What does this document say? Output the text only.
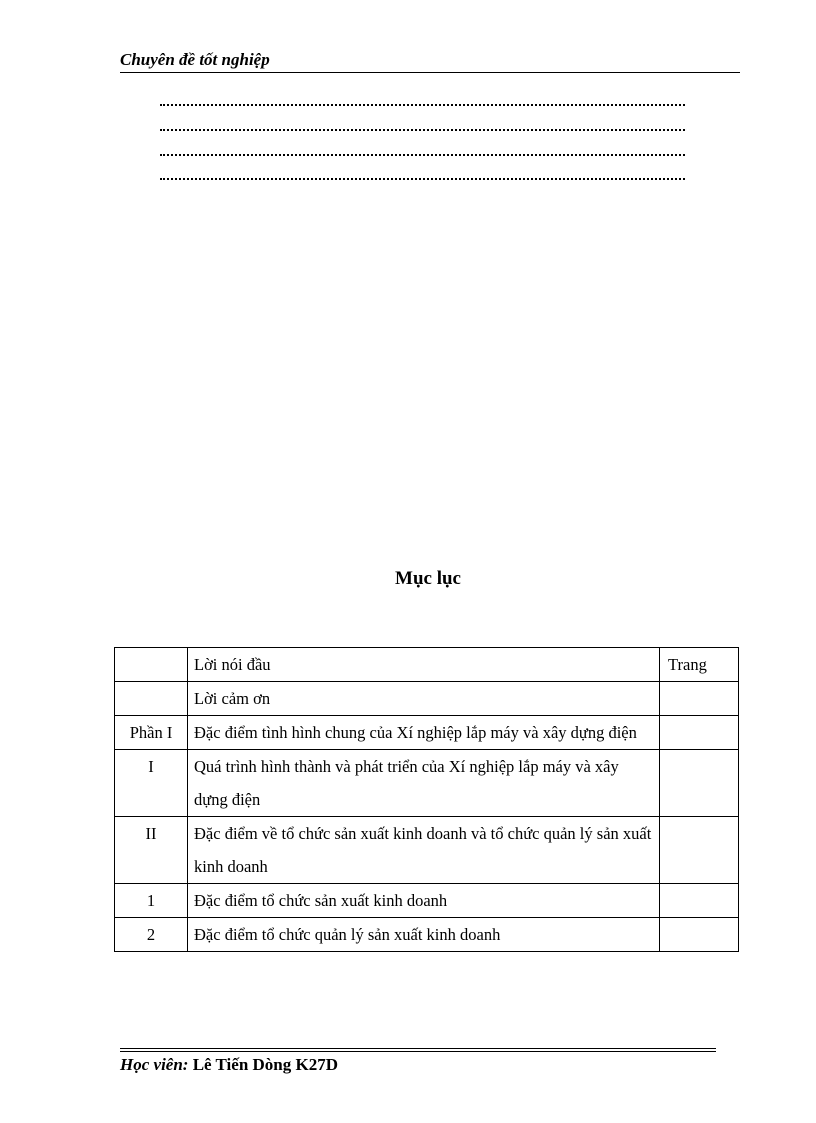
Chuyên đề tốt nghiệp
Mục lục
	Lời nói đầu	Trang
	Lời cảm ơn	
Phần I	Đặc điểm tình hình chung của Xí nghiệp lắp máy và xây dựng điện	
I	Quá trình hình thành và phát triển của Xí nghiệp lắp máy và xây dựng điện	
II	Đặc điểm về tổ chức sản xuất kinh doanh và tổ chức quản lý sản xuất kinh doanh	
1	Đặc điểm tổ chức sản xuất kinh doanh	
2	Đặc điểm tổ chức quản lý sản xuất kinh doanh	
Học viên: Lê Tiến Dòng K27D
